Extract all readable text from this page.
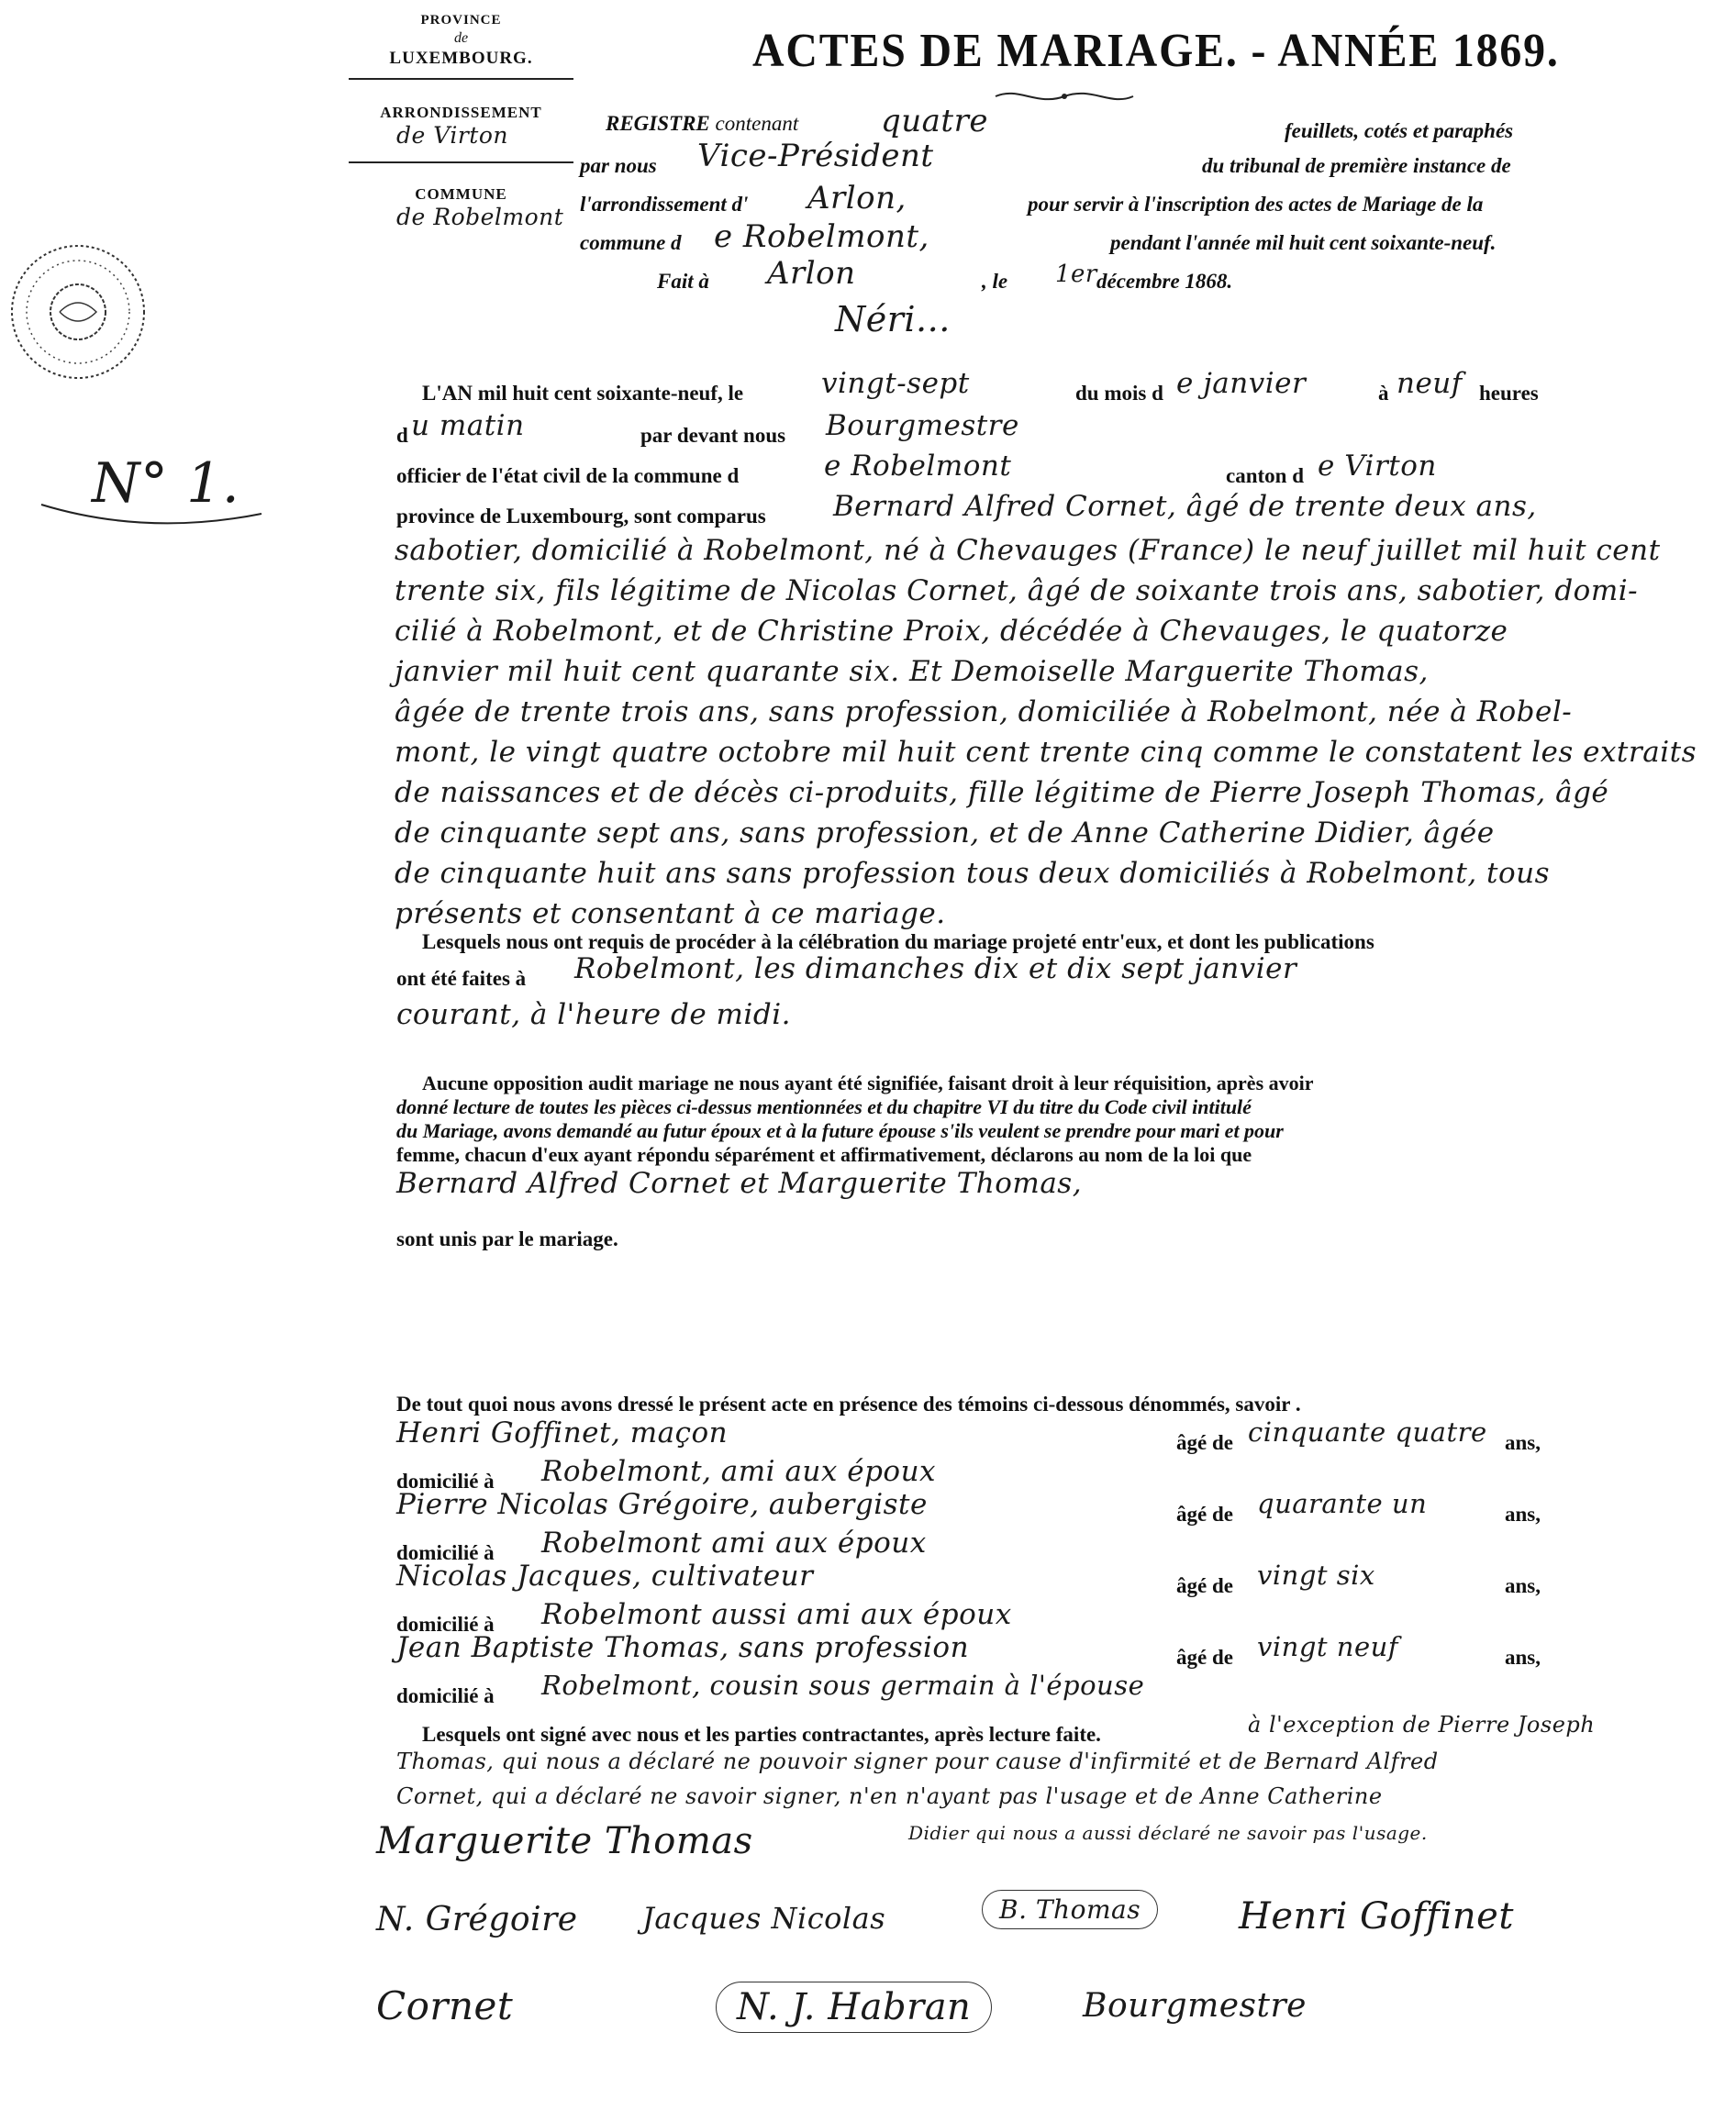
PROVINCE
de
LUXEMBOURG.
ARRONDISSEMENT
de Virton
COMMUNE
de Robelmont
ACTES DE MARIAGE. - ANNÉE 1869.
REGISTRE contenant	quatre	feuillets, cotés et paraphés
par nous Vice-Président	du tribunal de première instance de
l'arrondissement d' Arlon,	pour servir à l'inscription des actes de Mariage de la
commune d e Robelmont,	pendant l'année mil huit cent soixante-neuf.
Fait à Arlon	, le 1er décembre 1868.
Néri...
N° 1.
L'AN mil huit cent soixante-neuf, le	vingt-sept	du mois d e janvier	à neuf heures
d u matin	par devant nous Bourgmestre
officier de l'état civil de la commune d	e Robelmont	canton d e Virton
province de Luxembourg, sont comparus Bernard Alfred Cornet, âgé de trente deux ans,
sabotier, domicilié à Robelmont, né à Chevauges (France) le neuf juillet mil huit cent
trente six, fils légitime de Nicolas Cornet, âgé de soixante trois ans, sabotier, domi-
cilié à Robelmont, et de Christine Proix, décédée à Chevauges, le quatorze
janvier mil huit cent quarante six. Et Demoiselle Marguerite Thomas,
âgée de trente trois ans, sans profession, domiciliée à Robelmont, née à Robel-
mont, le vingt quatre octobre mil huit cent trente cinq comme le constatent les extraits
de naissances et de décès ci-produits, fille légitime de Pierre Joseph Thomas, âgé
de cinquante sept ans, sans profession, et de Anne Catherine Didier, âgée
de cinquante huit ans sans profession tous deux domiciliés à Robelmont, tous
présents et consentant à ce mariage.
Lesquels nous ont requis de procéder à la célébration du mariage projeté entr'eux, et dont les publications
ont été faites à Robelmont, les dimanches dix et dix sept janvier
courant, à l'heure de midi.
Aucune opposition audit mariage ne nous ayant été signifiée, faisant droit à leur réquisition, après avoir
donné lecture de toutes les pièces ci-dessus mentionnées et du chapitre VI du titre du Code civil intitulé
du Mariage, avons demandé au futur époux et à la future épouse s'ils veulent se prendre pour mari et pour
femme, chacun d'eux ayant répondu séparément et affirmativement, déclarons au nom de la loi que
Bernard Alfred Cornet et Marguerite Thomas,
sont unis par le mariage.
De tout quoi nous avons dressé le présent acte en présence des témoins ci-dessous dénommés, savoir .
Henri Goffinet, maçon	âgé de cinquante quatre ans,
domicilié à Robelmont, ami aux époux
Pierre Nicolas Grégoire, aubergiste	âgé de quarante un	ans,
domicilié à Robelmont ami aux époux
Nicolas Jacques, cultivateur	âgé de vingt six	ans,
domicilié à Robelmont aussi ami aux époux
Jean Baptiste Thomas, sans profession	âgé de vingt neuf	ans,
domicilié à Robelmont, cousin sous germain à l'épouse
Lesquels ont signé avec nous et les parties contractantes, après lecture faite.	à l'exception de Pierre Joseph
Thomas, qui nous a déclaré ne pouvoir signer pour cause d'infirmité et de Bernard Alfred
Cornet, qui a déclaré ne savoir signer, n'en n'ayant pas l'usage et de Anne Catherine
Didier qui nous a aussi déclaré ne savoir pas l'usage.
Marguerite Thomas
N. Grégoire Jacques Nicolas	B. Thomas	Henri Goffinet
Cornet	N. J. Habran	Bourgmestre
